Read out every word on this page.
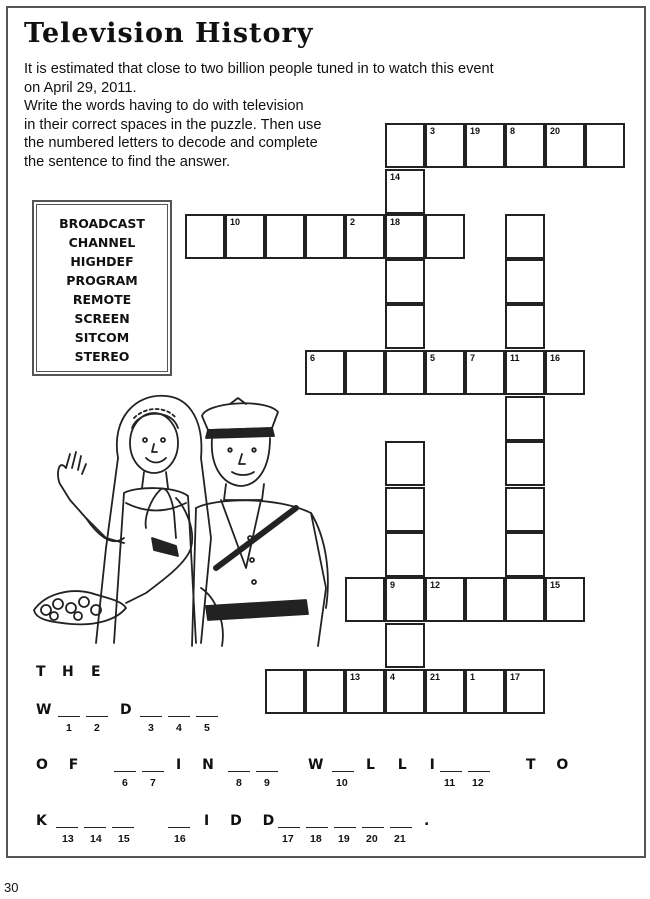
Television History

It is estimated that close to two billion people tuned in to watch this event

on April 29, 2011.

Write the words having to do with television

in their correct spaces in the puzzle. Then use

the numbered letters to decode and complete

the sentence to find the answer.

BROADCAST
CHANNEL
HIGHDEF
PROGRAM
REMOTE
SCREEN
SITCOM
STEREO
3	19	8	20
14
10	2	18
6	5	7	11	16
9	12	15
13	4	21	1	17
T H E
W	D
1 2	3 4 5
O F	I N	W	L L I	T O
6 7	8 9	10	11 12
K	I D D	.
13 14 15	16	17 18 19 20 21
30
